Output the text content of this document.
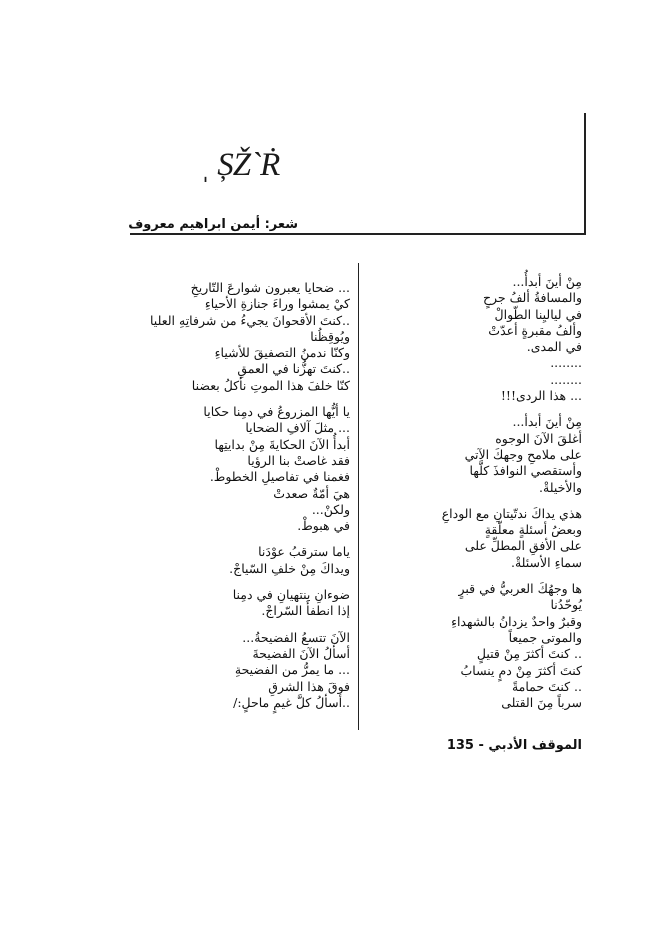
ˌ ȘŽ`Ṙ
شعر: أيمن ابراهيم معروف
مِنْ أينَ أبدأُ...
والمسافةُ ألفُ جرحٍ
في لياليِنا الطّوالْ
وألفُ مقبرةٍ أعدّتْ
في المدى.
........
........
... هذا الردى!!!
مِنْ أينَ أبدأ...
أغلقَ الآنَ الوجوه
على ملامحِ وجهكَ الآتي
وأستقصي النوافذَ كلَّها
والأخيلةْ.
هذي يداكَ ندتّيتانِ مع الوداعِ
وبعضُ أسئلةٍ معلّقةٍ
على الأفقِ المطلِّ على
سماءِ الأسئلةْ.
ها وجهُكَ العربيُّ في قبرٍ
يُوحّدُنا
وقبرٌ واحدٌ يزدانُ بالشهداءِ
والموتى جميعاً
.. كنتَ أكثرَ مِنْ قتيلٍ
كنتَ أكثرَ مِنْ دمٍ ينسابُ
.. كنتَ حمامةً
سرباً مِنَ القتلى
... ضحايا يعبرون شوارعَ التّاريخِ
كيْ يمشوا وراءَ جنازةِ الأحياءِ
..كنتَ الأقحوانَ يجيءُ من شرفاتِهِ العليا
ويُوقِظُنا
وكنّا ندمنُ التصفيقَ للأشياءِ
..كنتَ تهزُّنا في العمقِ
كنّا خلفَ هذا الموتِ نأكلُ بعضنا
يا أيُّها المزروعُ في دمِنا حكايا
... مثلَ آلافِ الضحايا
أبدأُ الآنَ الحكايةَ مِنْ بدايتِها
فقد غاصتْ بنا الرؤيا
فغمنا في تفاصيلِ الخطوطْ.
هيَ أمّةٌ صعدتْ
ولكنْ...
في هبوطْ.
ياما سترقبُ عوْدَنا
ويداكَ مِنْ خلفِ السّياجْ.
ضوءانِ ينتهيانِ في دمِنا
إذا انطفأَ السّراجْ.
الآنَ تتسعُ الفضيحةُ...
أسألُ الآنَ الفضيحةَ
... ما يمرُّ من الفضيحةِ
فوقَ هذا الشرقِ
..أسألُ كلَّ غيمٍ ماحلٍ:/
الموقف الأدبي - 135
